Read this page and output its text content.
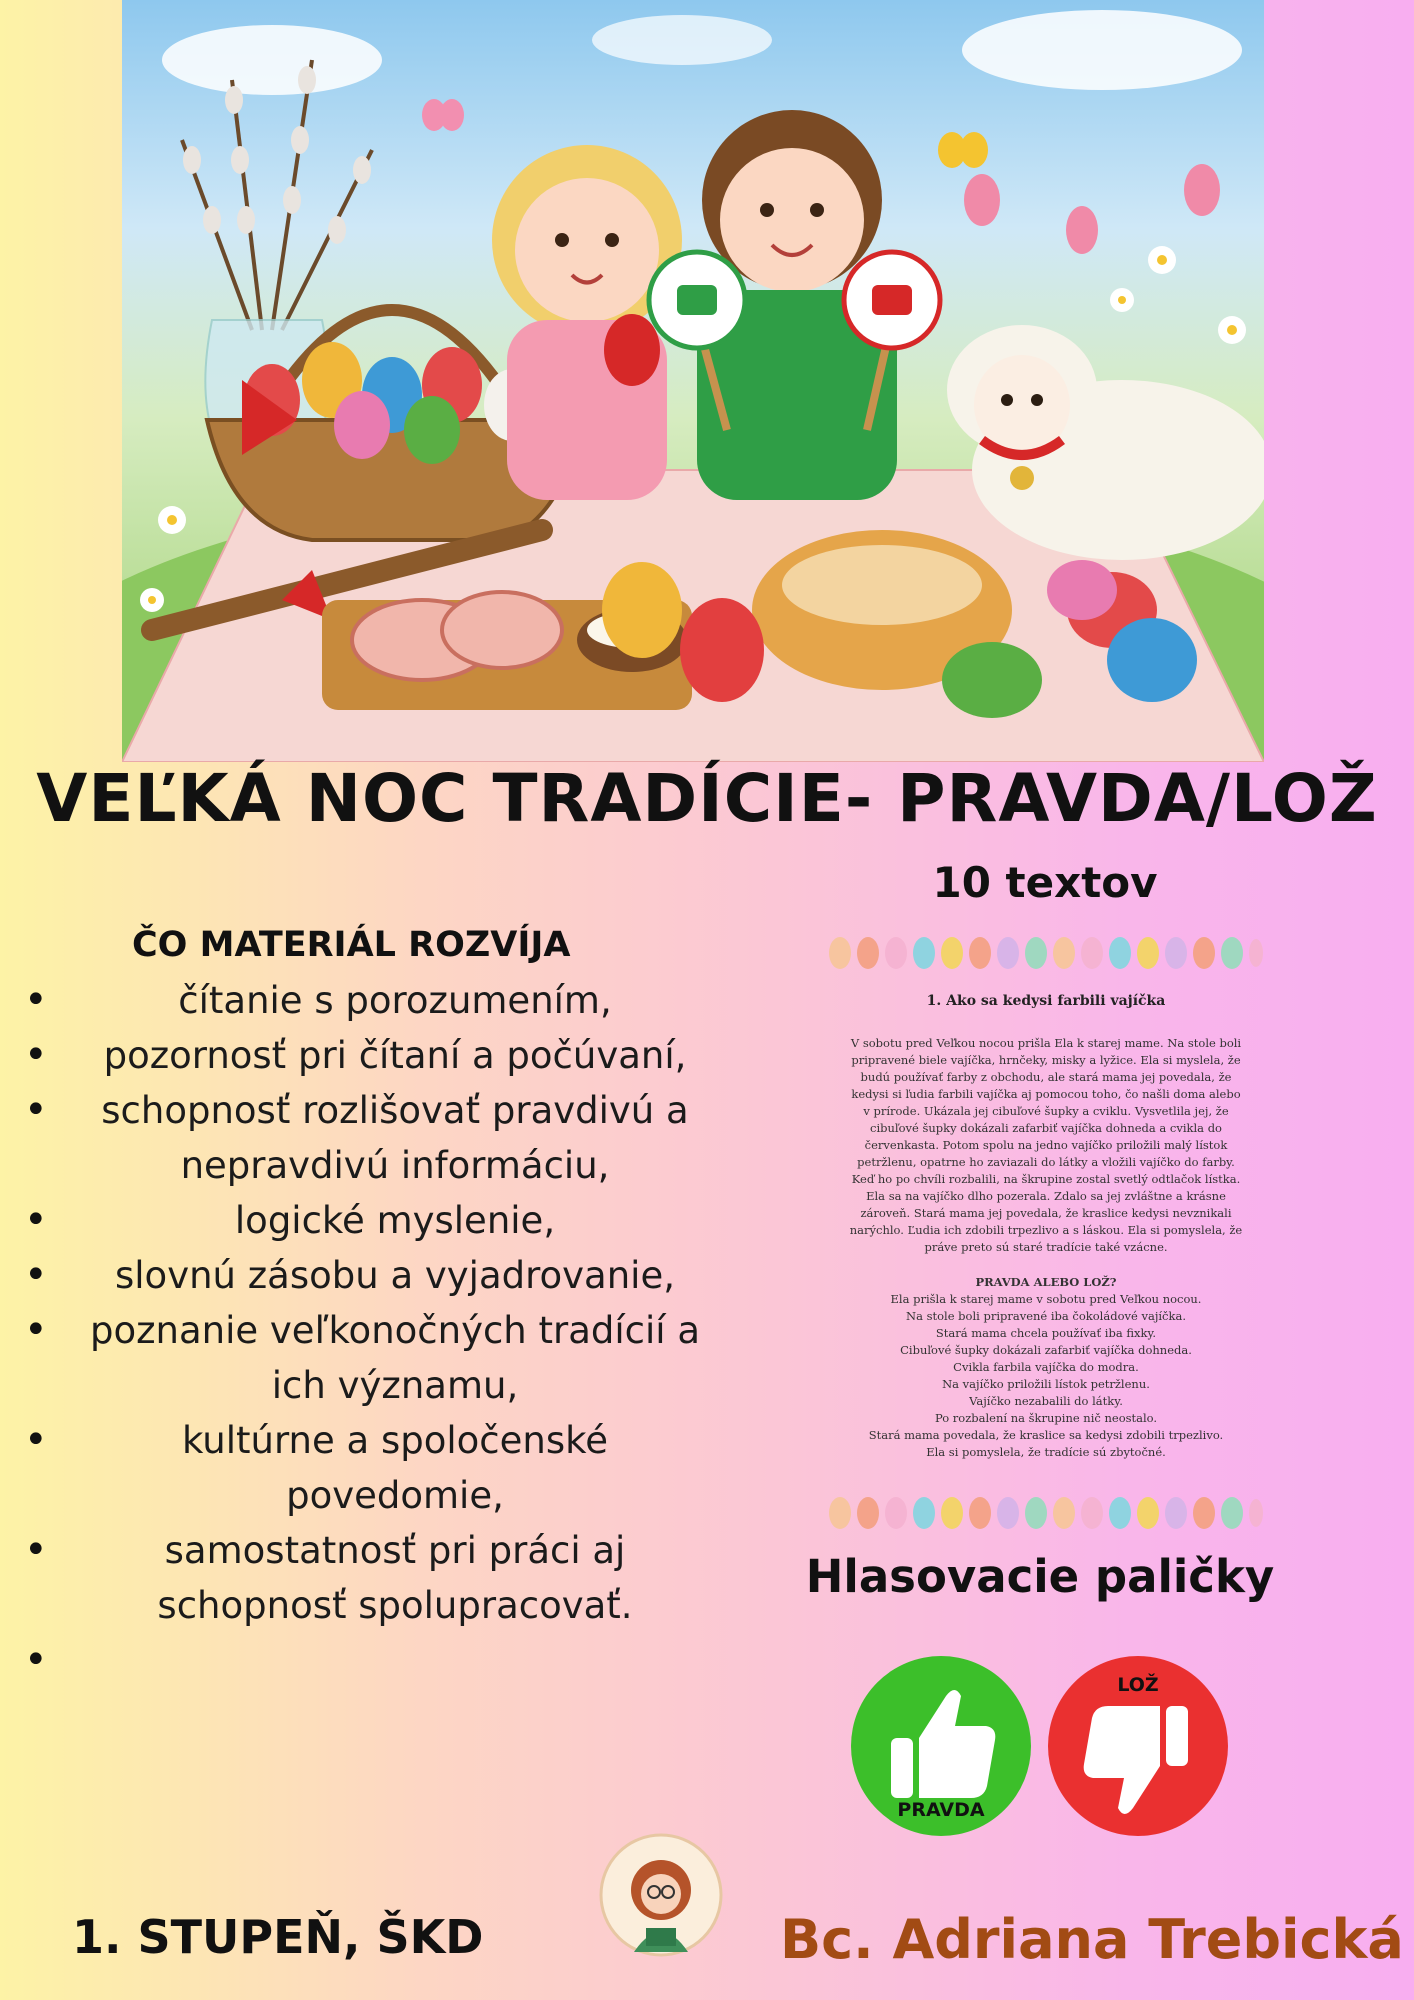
VEĽKÁ NOC TRADÍCIE- PRAVDA/LOŽ
ČO MATERIÁL ROZVÍJA
• čítanie s porozumením,
• pozornosť pri čítaní a počúvaní,
• schopnosť rozlišovať pravdivú a nepravdivú informáciu,
• logické myslenie,
• slovnú zásobu a vyjadrovanie,
• poznanie veľkonočných tradícií a ich významu,
• kultúrne a spoločenské povedomie,
• samostatnosť pri práci aj schopnosť spolupracovať.
•
10 textov
1. Ako sa kedysi farbili vajíčka

V sobotu pred Veľkou nocou prišla Ela k starej mame. Na stole boli pripravené biele vajíčka, hrnčeky, misky a lyžice. Ela si myslela, že budú používať farby z obchodu, ale stará mama jej povedala, že kedysi si ľudia farbili vajíčka aj pomocou toho, čo našli doma alebo v prírode. Ukázala jej cibuľové šupky a cviklu. Vysvetlila jej, že cibuľové šupky dokázali zafarbiť vajíčka dohneda a cvikla do červenkasta. Potom spolu na jedno vajíčko priložili malý lístok petržlenu, opatrne ho zaviazali do látky a vložili vajíčko do farby. Keď ho po chvíli rozbalili, na škrupine zostal svetlý odtlačok lístka.

Ela sa na vajíčko dlho pozerala. Zdalo sa jej zvláštne a krásne zároveň. Stará mama jej povedala, že kraslice kedysi nevznikali narýchlo. Ľudia ich zdobili trpezlivo a s láskou. Ela si pomyslela, že práve preto sú staré tradície také vzácne.

PRAVDA ALEBO LOŽ?

Ela prišla k starej mame v sobotu pred Veľkou nocou.

Na stole boli pripravené iba čokoládové vajíčka.

Stará mama chcela používať iba fixky.

Cibuľové šupky dokázali zafarbiť vajíčka dohneda.

Cvikla farbila vajíčka do modra.

Na vajíčko priložili lístok petržlenu.

Vajíčko nezabalili do látky.

Po rozbalení na škrupine nič neostalo.

Stará mama povedala, že kraslice sa kedysi zdobili trpezlivo.

Ela si pomyslela, že tradície sú zbytočné.

Hlasovacie paličky
PRAVDA
LOŽ
1. STUPEŇ, ŠKD	Bc. Adriana Trebická
